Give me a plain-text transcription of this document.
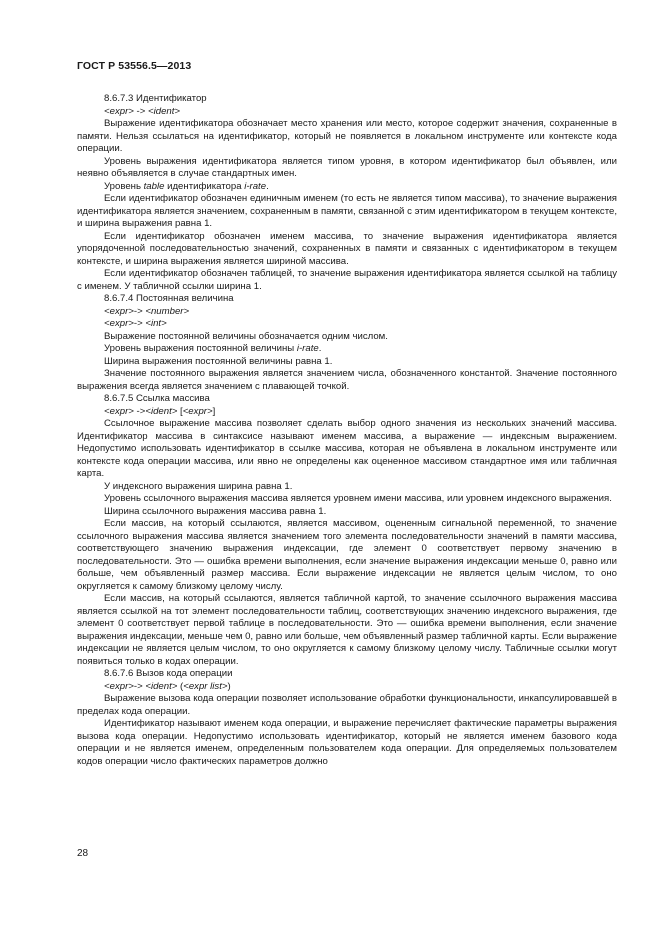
ГОСТ Р 53556.5—2013

8.6.7.3 Идентификатор

<expr> -> <ident>

Выражение идентификатора обозначает место хранения или место, которое содержит значения, сохраненные в памяти. Нельзя ссылаться на идентификатор, который не появляется в локальном инструменте или контексте кода операции.

Уровень выражения идентификатора является типом уровня, в котором идентификатор был объявлен, или неявно объявляется в случае стандартных имен.

Уровень table идентификатора i-rate.

Если идентификатор обозначен единичным именем (то есть не является типом массива), то значение выражения идентификатора является значением, сохраненным в памяти, связанной с этим идентификатором в текущем контексте, и ширина выражения равна 1.

Если идентификатор обозначен именем массива, то значение выражения идентификатора является упорядоченной последовательностью значений, сохраненных в памяти и связанных с идентификатором в текущем контексте, и ширина выражения является шириной массива.

Если идентификатор обозначен таблицей, то значение выражения идентификатора является ссылкой на таблицу с именем. У табличной ссылки ширина 1.

8.6.7.4 Постоянная величина

<expr>-> <number>

<expr>-> <int>

Выражение постоянной величины обозначается одним числом.

Уровень выражения постоянной величины i-rate.

Ширина выражения постоянной величины равна 1.

Значение постоянного выражения является значением числа, обозначенного константой. Значение постоянного выражения всегда является значением с плавающей точкой.

8.6.7.5 Ссылка массива

<expr> -><ident> [<expr>]

Ссылочное выражение массива позволяет сделать выбор одного значения из нескольких значений массива. Идентификатор массива в синтаксисе называют именем массива, а выражение — индексным выражением. Недопустимо использовать идентификатор в ссылке массива, которая не объявлена в локальном инструменте или контексте кода операции массива, или явно не определены как оцененное массивом стандартное имя или табличная карта.

У индексного выражения ширина равна 1.

Уровень ссылочного выражения массива является уровнем имени массива, или уровнем индексного выражения.

Ширина ссылочного выражения массива равна 1.

Если массив, на который ссылаются, является массивом, оцененным сигнальной переменной, то значение ссылочного выражения массива является значением того элемента последовательности значений в памяти массива, соответствующего значению выражения индексации, где элемент 0 соответствует первому значению в последовательности. Это — ошибка времени выполнения, если значение выражения индексации меньше 0, равно или больше, чем объявленный размер массива. Если выражение индексации не является целым числом, то оно округляется к самому близкому целому числу.

Если массив, на который ссылаются, является табличной картой, то значение ссылочного выражения массива является ссылкой на тот элемент последовательности таблиц, соответствующих значению индексного выражения, где элемент 0 соответствует первой таблице в последовательности. Это — ошибка времени выполнения, если значение выражения индексации, меньше чем 0, равно или больше, чем объявленный размер табличной карты. Если выражение индексации не является целым числом, то оно округляется к самому близкому целому числу. Табличные ссылки могут появиться только в кодах операции.

8.6.7.6 Вызов кода операции

<expr>-> <ident> (<expr list>)

Выражение вызова кода операции позволяет использование обработки функциональности, инкапсулировавшей в пределах кода операции.

Идентификатор называют именем кода операции, и выражение перечисляет фактические параметры выражения вызова кода операции. Недопустимо использовать идентификатор, который не является именем базового кода операции и не является именем, определенным пользователем кода операции. Для определяемых пользователем кодов операции число фактических параметров должно

28
